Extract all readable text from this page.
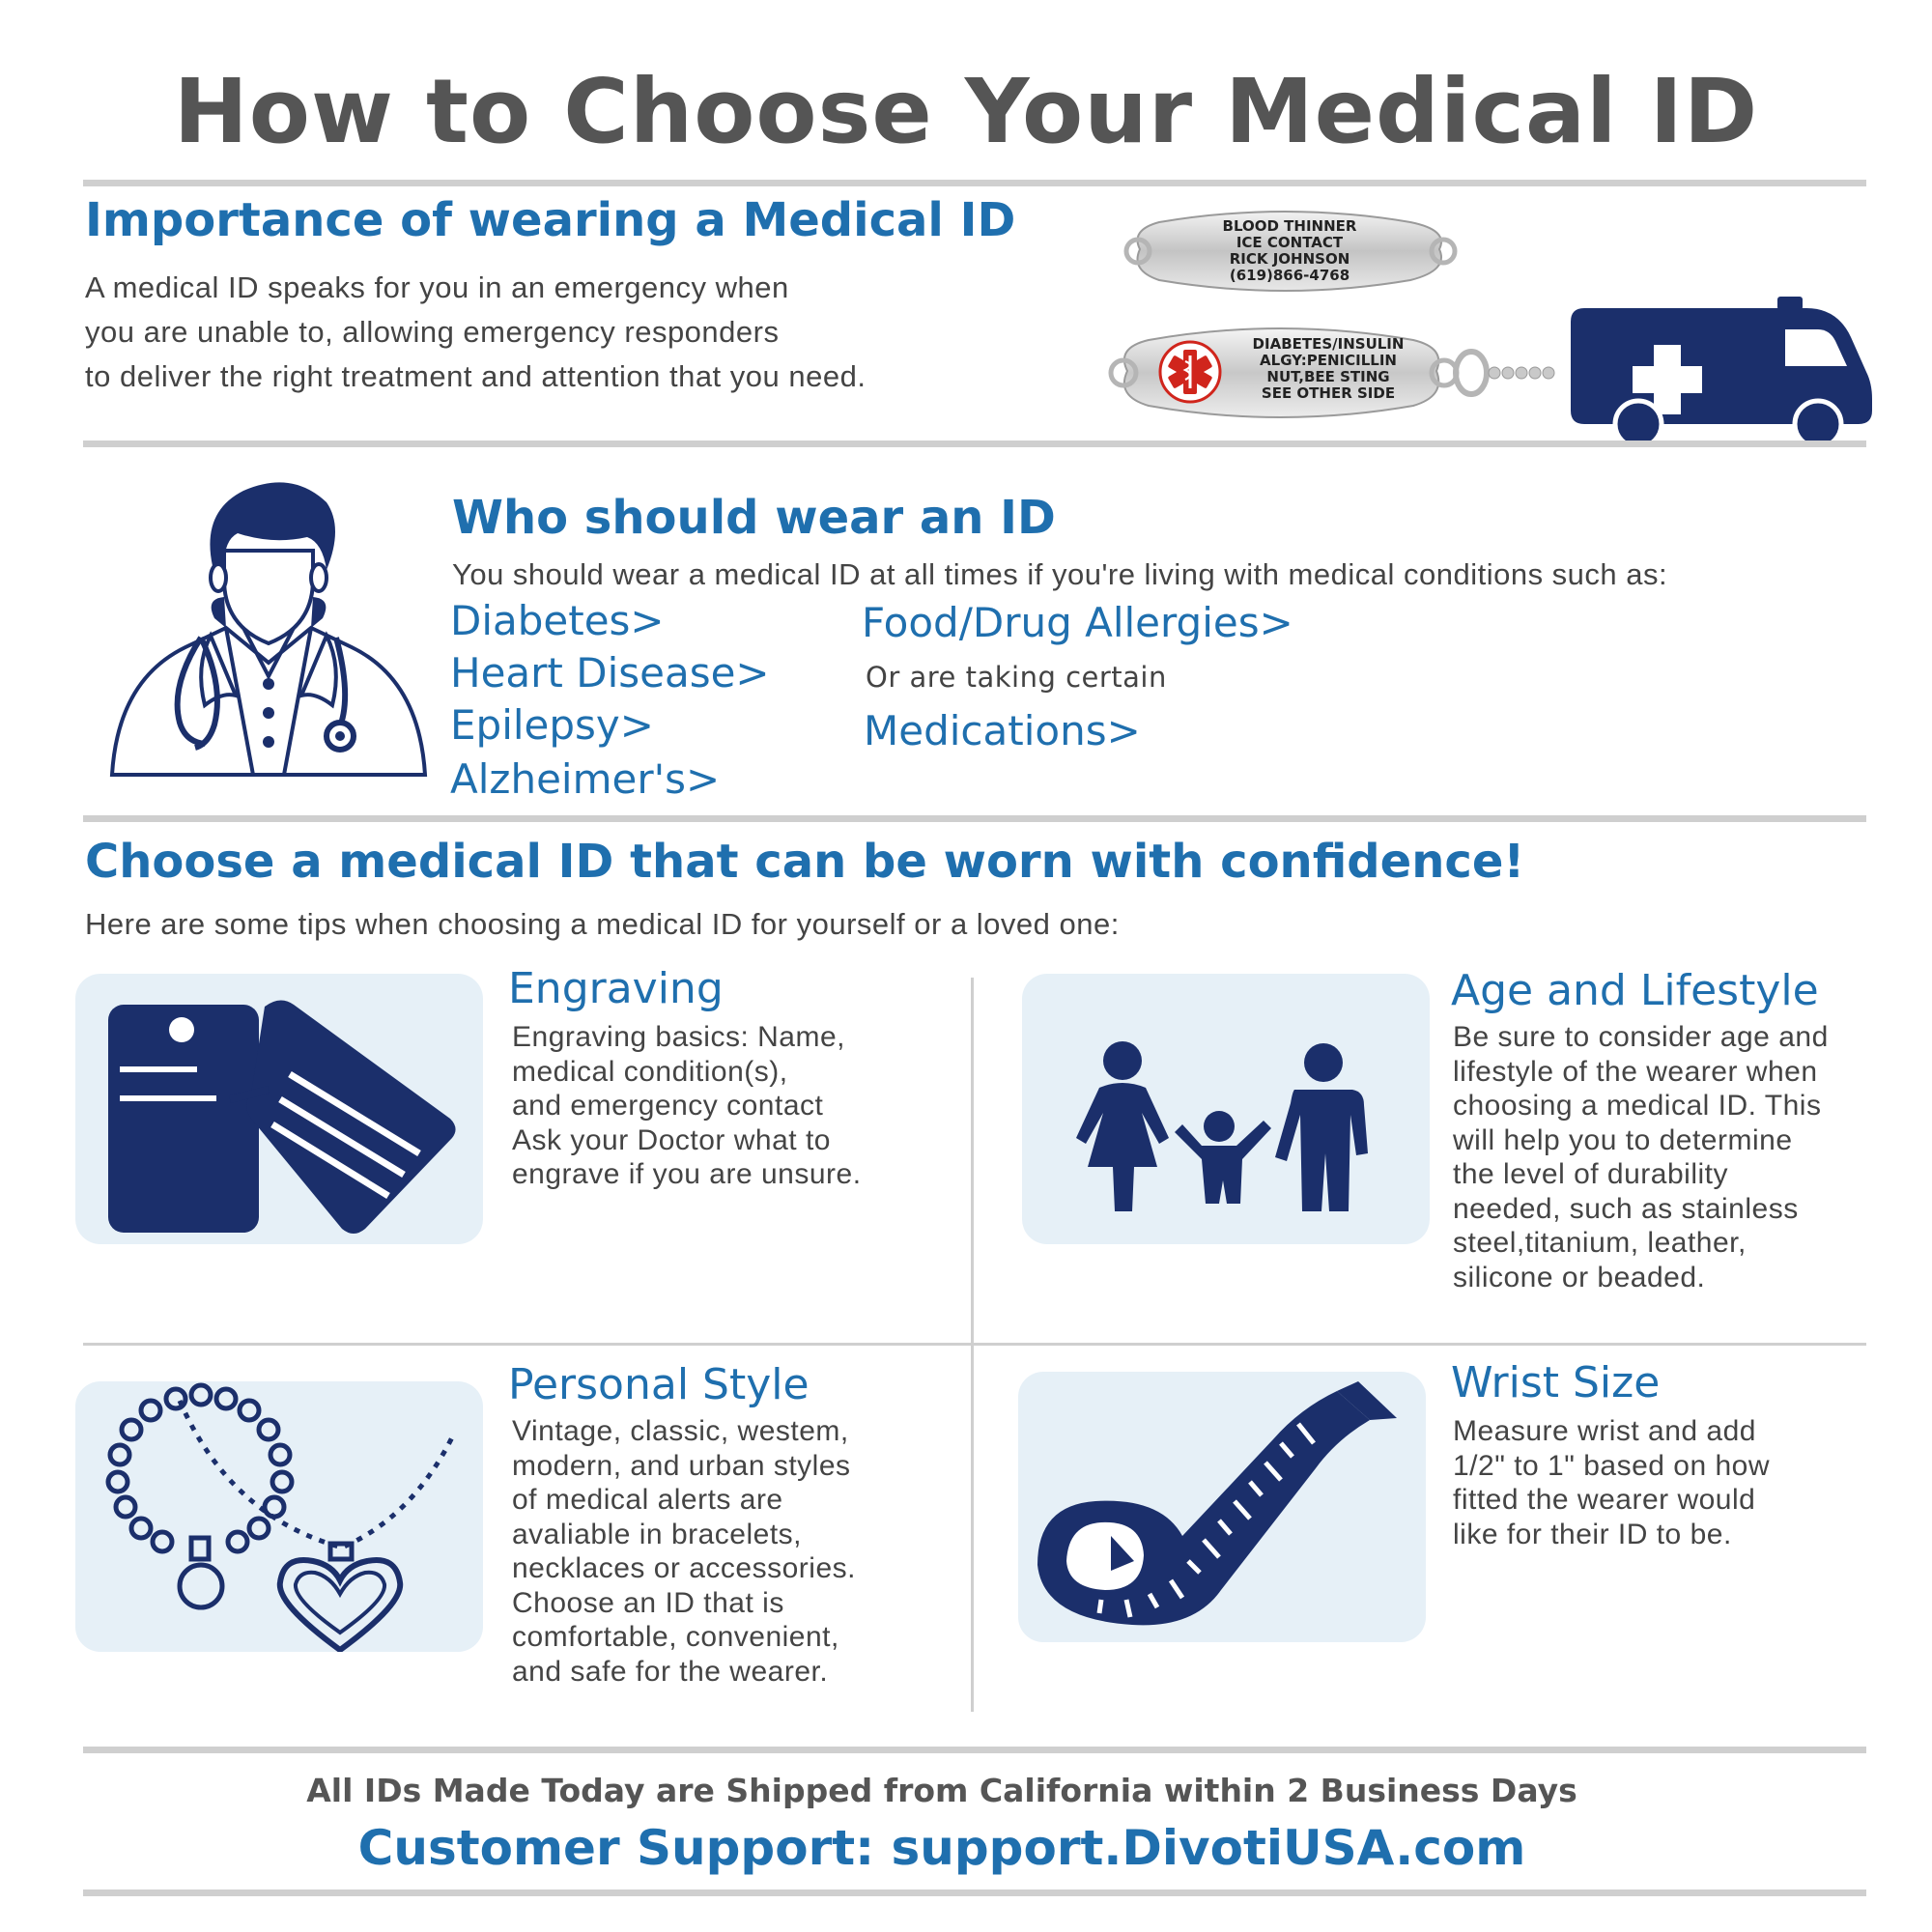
How to Choose Your Medical ID
Importance of wearing a Medical ID
A medical ID speaks for you in an emergency when
you are unable to, allowing emergency responders
to deliver the right treatment and attention that you need.
BLOOD THINNER
ICE CONTACT
RICK JOHNSON
(619)866-4768
DIABETES/INSULIN
ALGY:PENICILLIN
NUT,BEE STING
SEE OTHER SIDE
Who should wear an ID
You should wear a medical ID at all times if you're living with medical conditions such as:
Diabetes>
Heart Disease>
Epilepsy>
Alzheimer's>
Food/Drug Allergies>
Or are taking certain
Medications>
Choose a medical ID that can be worn with confidence!
Here are some tips when choosing a medical ID for yourself or a loved one:
Engraving
Engraving basics: Name,
medical condition(s),
and emergency contact
Ask your Doctor what to
engrave if you are unsure.
Age and Lifestyle
Be sure to consider age and
lifestyle of the wearer when
choosing a medical ID. This
will help you to determine
the level of durability
needed, such as stainless
steel,titanium, leather,
silicone or beaded.
Personal Style
Vintage, classic, westem,
modern, and urban styles
of medical alerts are
avaliable in bracelets,
necklaces or accessories.
Choose an ID that is
comfortable, convenient,
and safe for the wearer.
Wrist Size
Measure wrist and add
1/2" to 1" based on how
fitted the wearer would
like for their ID to be.
All IDs Made Today are Shipped from California within 2 Business Days
Customer Support: support.DivotiUSA.com
